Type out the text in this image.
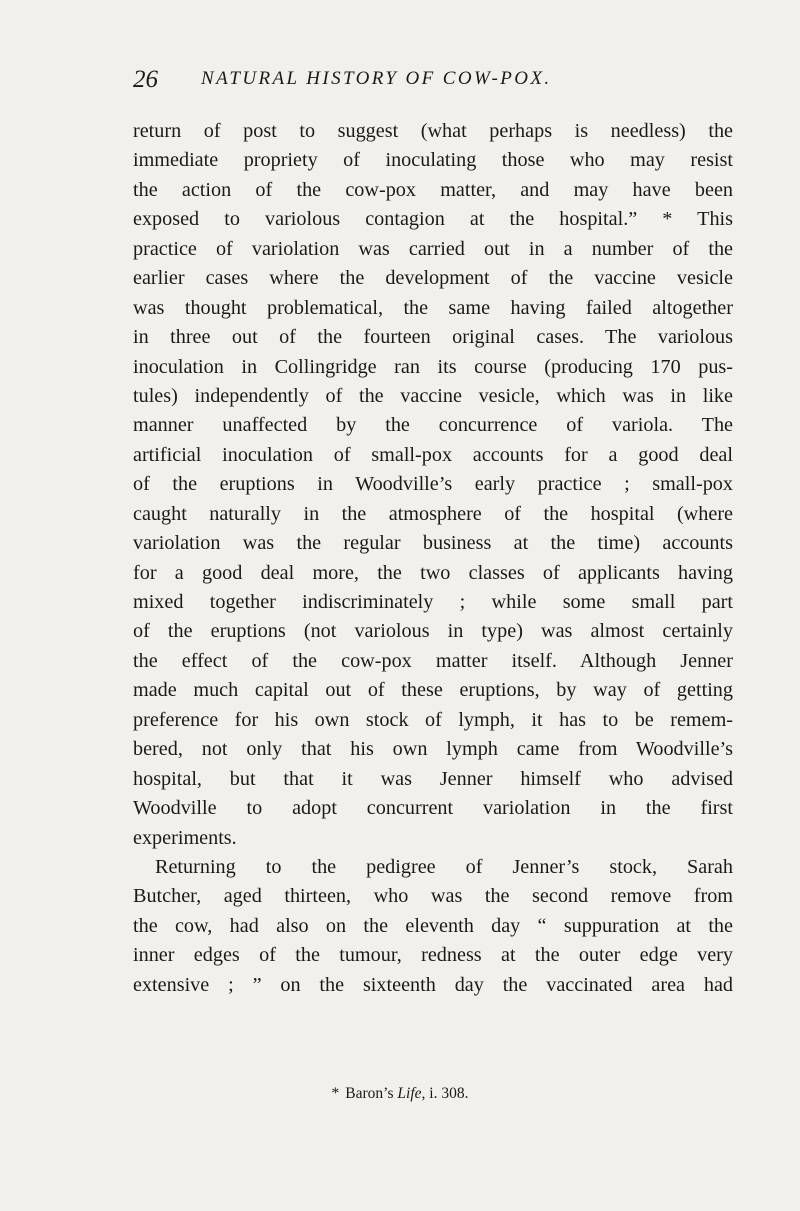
26 NATURAL HISTORY OF COW-POX.
return of post to suggest (what perhaps is needless) the
immediate propriety of inoculating those who may resist
the action of the cow-pox matter, and may have been
exposed to variolous contagion at the hospital.” * This
practice of variolation was carried out in a number of the
earlier cases where the development of the vaccine vesicle
was thought problematical, the same having failed altogether
in three out of the fourteen original cases. The variolous
inoculation in Collingridge ran its course (producing 170 pus-
tules) independently of the vaccine vesicle, which was in like
manner unaffected by the concurrence of variola. The
artificial inoculation of small-pox accounts for a good deal
of the eruptions in Woodville’s early practice ; small-pox
caught naturally in the atmosphere of the hospital (where
variolation was the regular business at the time) accounts
for a good deal more, the two classes of applicants having
mixed together indiscriminately ; while some small part
of the eruptions (not variolous in type) was almost certainly
the effect of the cow-pox matter itself. Although Jenner
made much capital out of these eruptions, by way of getting
preference for his own stock of lymph, it has to be remem-
bered, not only that his own lymph came from Woodville’s
hospital, but that it was Jenner himself who advised
Woodville to adopt concurrent variolation in the first
experiments.
Returning to the pedigree of Jenner’s stock, Sarah
Butcher, aged thirteen, who was the second remove from
the cow, had also on the eleventh day “ suppuration at the
inner edges of the tumour, redness at the outer edge very
extensive ; ” on the sixteenth day the vaccinated area had
* Baron’s Life, i. 308.
